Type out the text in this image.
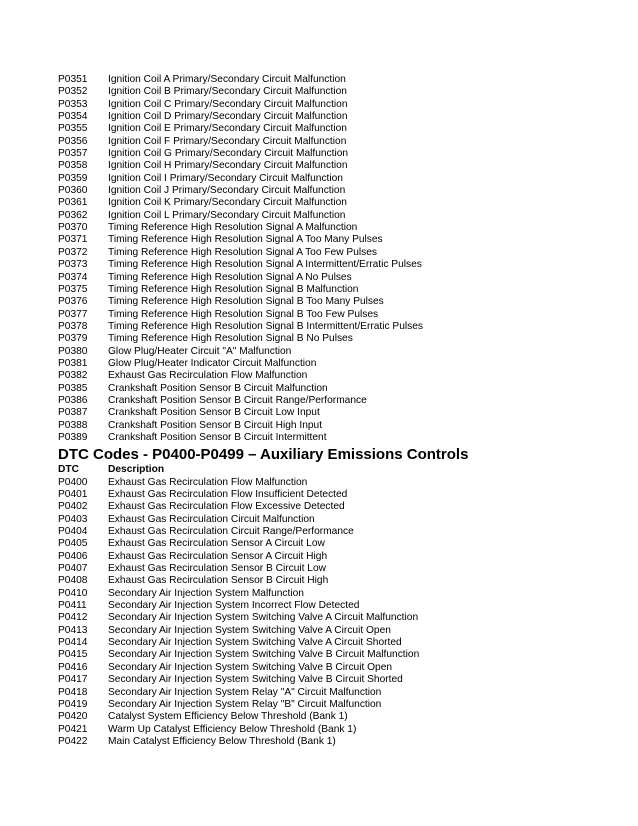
P0351	Ignition Coil A Primary/Secondary Circuit Malfunction
P0352	Ignition Coil B Primary/Secondary Circuit Malfunction
P0353	Ignition Coil C Primary/Secondary Circuit Malfunction
P0354	Ignition Coil D Primary/Secondary Circuit Malfunction
P0355	Ignition Coil E Primary/Secondary Circuit Malfunction
P0356	Ignition Coil F Primary/Secondary Circuit Malfunction
P0357	Ignition Coil G Primary/Secondary Circuit Malfunction
P0358	Ignition Coil H Primary/Secondary Circuit Malfunction
P0359	Ignition Coil I Primary/Secondary Circuit Malfunction
P0360	Ignition Coil J Primary/Secondary Circuit Malfunction
P0361	Ignition Coil K Primary/Secondary Circuit Malfunction
P0362	Ignition Coil L Primary/Secondary Circuit Malfunction
P0370	Timing Reference High Resolution Signal A Malfunction
P0371	Timing Reference High Resolution Signal A Too Many Pulses
P0372	Timing Reference High Resolution Signal A Too Few Pulses
P0373	Timing Reference High Resolution Signal A Intermittent/Erratic Pulses
P0374	Timing Reference High Resolution Signal A No Pulses
P0375	Timing Reference High Resolution Signal B Malfunction
P0376	Timing Reference High Resolution Signal B Too Many Pulses
P0377	Timing Reference High Resolution Signal B Too Few Pulses
P0378	Timing Reference High Resolution Signal B Intermittent/Erratic Pulses
P0379	Timing Reference High Resolution Signal B No Pulses
P0380	Glow Plug/Heater Circuit "A" Malfunction
P0381	Glow Plug/Heater Indicator Circuit Malfunction
P0382	Exhaust Gas Recirculation Flow Malfunction
P0385	Crankshaft Position Sensor B Circuit Malfunction
P0386	Crankshaft Position Sensor B Circuit Range/Performance
P0387	Crankshaft Position Sensor B Circuit Low Input
P0388	Crankshaft Position Sensor B Circuit High Input
P0389	Crankshaft Position Sensor B Circuit Intermittent
DTC Codes - P0400-P0499 – Auxiliary Emissions Controls
DTC	Description
P0400	Exhaust Gas Recirculation Flow Malfunction
P0401	Exhaust Gas Recirculation Flow Insufficient Detected
P0402	Exhaust Gas Recirculation Flow Excessive Detected
P0403	Exhaust Gas Recirculation Circuit Malfunction
P0404	Exhaust Gas Recirculation Circuit Range/Performance
P0405	Exhaust Gas Recirculation Sensor A Circuit Low
P0406	Exhaust Gas Recirculation Sensor A Circuit High
P0407	Exhaust Gas Recirculation Sensor B Circuit Low
P0408	Exhaust Gas Recirculation Sensor B Circuit High
P0410	Secondary Air Injection System Malfunction
P0411	Secondary Air Injection System Incorrect Flow Detected
P0412	Secondary Air Injection System Switching Valve A Circuit Malfunction
P0413	Secondary Air Injection System Switching Valve A Circuit Open
P0414	Secondary Air Injection System Switching Valve A Circuit Shorted
P0415	Secondary Air Injection System Switching Valve B Circuit Malfunction
P0416	Secondary Air Injection System Switching Valve B Circuit Open
P0417	Secondary Air Injection System Switching Valve B Circuit Shorted
P0418	Secondary Air Injection System Relay "A" Circuit Malfunction
P0419	Secondary Air Injection System Relay "B" Circuit Malfunction
P0420	Catalyst System Efficiency Below Threshold (Bank 1)
P0421	Warm Up Catalyst Efficiency Below Threshold (Bank 1)
P0422	Main Catalyst Efficiency Below Threshold (Bank 1)
